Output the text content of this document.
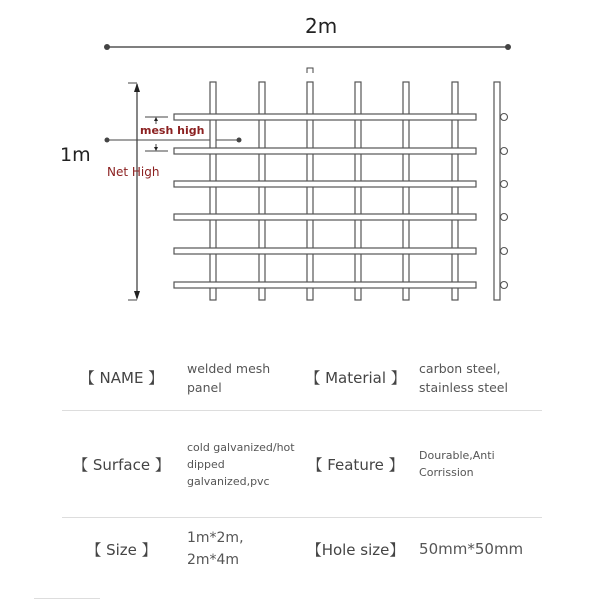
2m
1m
mesh high
Net High
【 NAME 】
welded mesh panel	【 Material 】
carbon steel, stainless steel
【 Surface 】
cold galvanized/hot dipped galvanized,pvc
【 Feature 】	Dourable,Anti Corrission
【 Size 】
1m*2m, 2m*4m
【Hole size】 50mm*50mm
